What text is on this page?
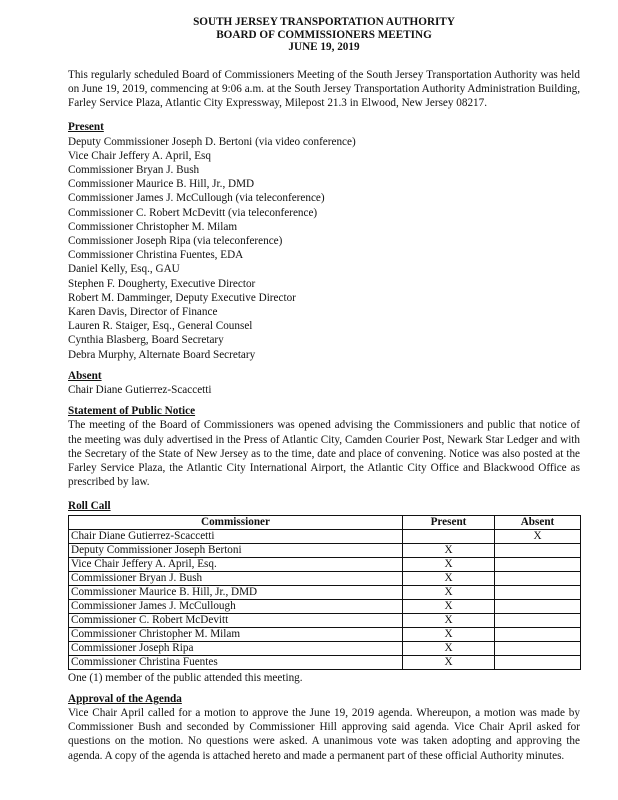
SOUTH JERSEY TRANSPORTATION AUTHORITY
BOARD OF COMMISSIONERS MEETING
JUNE 19, 2019

This regularly scheduled Board of Commissioners Meeting of the South Jersey Transportation Authority was held on June 19, 2019, commencing at 9:06 a.m. at the South Jersey Transportation Authority Administration Building, Farley Service Plaza, Atlantic City Expressway, Milepost 21.3 in Elwood, New Jersey 08217.

Present
Deputy Commissioner Joseph D. Bertoni (via video conference)
Vice Chair Jeffery A. April, Esq
Commissioner Bryan J. Bush
Commissioner Maurice B. Hill, Jr., DMD
Commissioner James J. McCullough (via teleconference)
Commissioner C. Robert McDevitt (via teleconference)
Commissioner Christopher M. Milam
Commissioner Joseph Ripa (via teleconference)
Commissioner Christina Fuentes, EDA
Daniel Kelly, Esq., GAU
Stephen F. Dougherty, Executive Director
Robert M. Damminger, Deputy Executive Director
Karen Davis, Director of Finance
Lauren R. Staiger, Esq., General Counsel
Cynthia Blasberg, Board Secretary
Debra Murphy, Alternate Board Secretary
Absent
Chair Diane Gutierrez-Scaccetti
Statement of Public Notice

The meeting of the Board of Commissioners was opened advising the Commissioners and public that notice of the meeting was duly advertised in the Press of Atlantic City, Camden Courier Post, Newark Star Ledger and with the Secretary of the State of New Jersey as to the time, date and place of convening. Notice was also posted at the Farley Service Plaza, the Atlantic City International Airport, the Atlantic City Office and Blackwood Office as prescribed by law.

Roll Call
Commissioner	Present	Absent
Chair Diane Gutierrez-Scaccetti		X
Deputy Commissioner Joseph Bertoni	X	
Vice Chair Jeffery A. April, Esq.	X	
Commissioner Bryan J. Bush	X	
Commissioner Maurice B. Hill, Jr., DMD	X	
Commissioner James J. McCullough	X	
Commissioner C. Robert McDevitt	X	
Commissioner Christopher M. Milam	X	
Commissioner Joseph Ripa	X	
Commissioner Christina Fuentes	X	
One (1) member of the public attended this meeting.
Approval of the Agenda

Vice Chair April called for a motion to approve the June 19, 2019 agenda. Whereupon, a motion was made by Commissioner Bush and seconded by Commissioner Hill approving said agenda. Vice Chair April asked for questions on the motion. No questions were asked. A unanimous vote was taken adopting and approving the agenda. A copy of the agenda is attached hereto and made a permanent part of these official Authority minutes.
